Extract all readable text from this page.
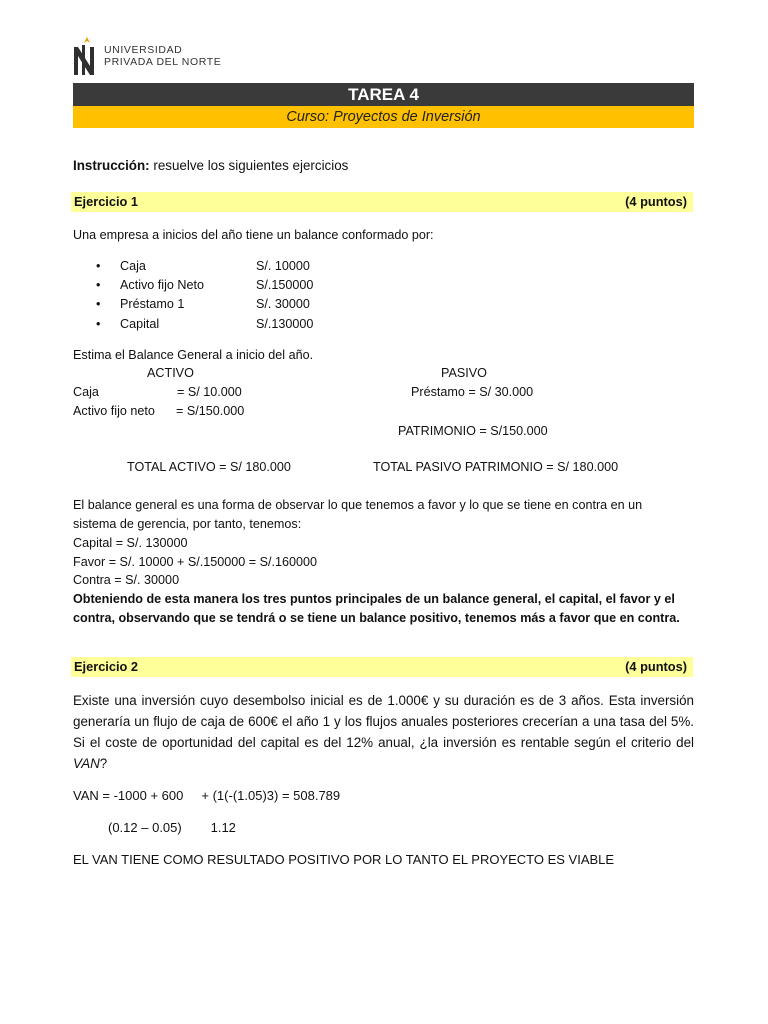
UNIVERSIDAD
PRIVADA DEL NORTE
TAREA 4
Curso: Proyectos de Inversión
Instrucción: resuelve los siguientes ejercicios
Ejercicio 1	(4 puntos)
Una empresa a inicios del año tiene un balance conformado por:
• Caja	S/. 10000
• Activo fijo Neto	S/.150000
• Préstamo 1	S/. 30000
• Capital	S/.130000
Estima el Balance General a inicio del año.
ACTIVO	PASIVO
Caja	= S/ 10.000	Préstamo = S/ 30.000
Activo fijo neto = S/150.000
PATRIMONIO = S/150.000
TOTAL ACTIVO = S/ 180.000	TOTAL PASIVO PATRIMONIO = S/ 180.000
El balance general es una forma de observar lo que tenemos a favor y lo que se tiene en contra en un
sistema de gerencia, por tanto, tenemos:
Capital = S/. 130000
Favor = S/. 10000 + S/.150000 = S/.160000
Contra = S/. 30000
Obteniendo de esta manera los tres puntos principales de un balance general, el capital, el favor y el
contra, observando que se tendrá o se tiene un balance positivo, tenemos más a favor que en contra.
Ejercicio 2	(4 puntos)
Existe una inversión cuyo desembolso inicial es de 1.000€ y su duración es de 3 años. Esta inversión generaría un flujo de caja de 600€ el año 1 y los flujos anuales posteriores crecerían a una tasa del 5%. Si el coste de oportunidad del capital es del 12% anual, ¿la inversión es rentable según el criterio del VAN?
VAN = -1000 + 600     + (1(-(1.05)3) = 508.789
(0.12 – 0.05)        1.12
EL VAN TIENE COMO RESULTADO POSITIVO POR LO TANTO EL PROYECTO ES VIABLE
